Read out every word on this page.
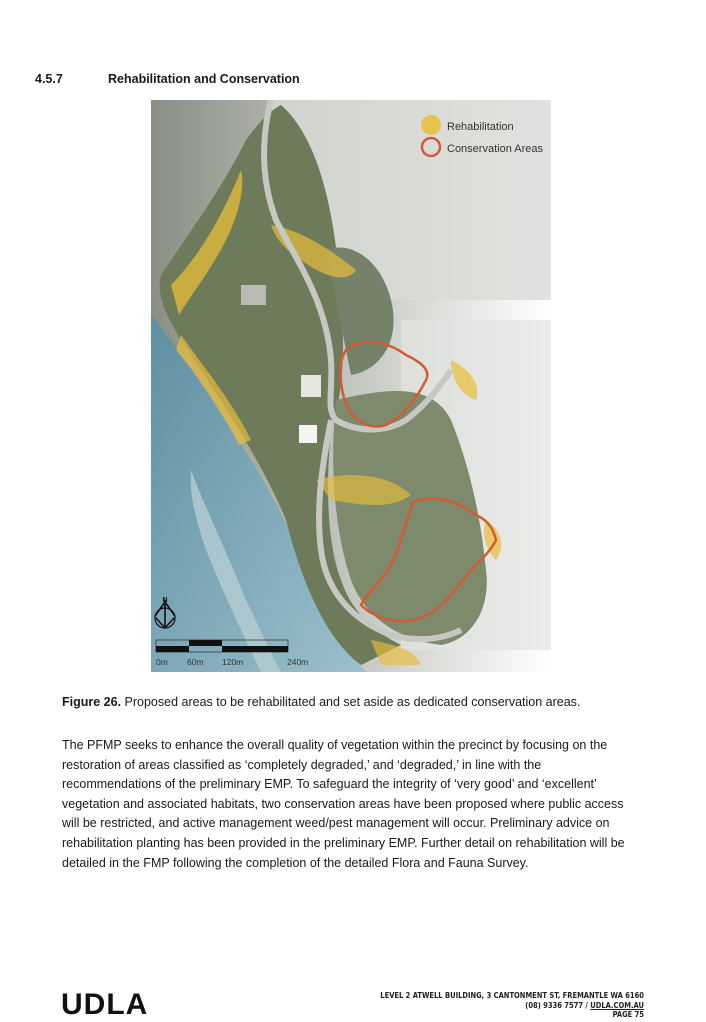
4.5.7	Rehabilitation and Conservation
Rehabilitation
Conservation Areas
N
0m 60m 120m	240m
Figure 26. Proposed areas to be rehabilitated and set aside as dedicated conservation areas.
The PFMP seeks to enhance the overall quality of vegetation within the precinct by focusing on the
restoration of areas classified as ‘completely degraded,’ and ‘degraded,’ in line with the
recommendations of the preliminary EMP. To safeguard the integrity of ‘very good’ and ‘excellent’
vegetation and associated habitats, two conservation areas have been proposed where public access
will be restricted, and active management weed/pest management will occur. Preliminary advice on
rehabilitation planting has been provided in the preliminary EMP. Further detail on rehabilitation will be
detailed in the FMP following the completion of the detailed Flora and Fauna Survey.
UDLA	LEVEL 2 ATWELL BUILDING, 3 CANTONMENT ST, FREMANTLE WA 6160
(08) 9336 7577 / UDLA.COM.AU
PAGE 75
